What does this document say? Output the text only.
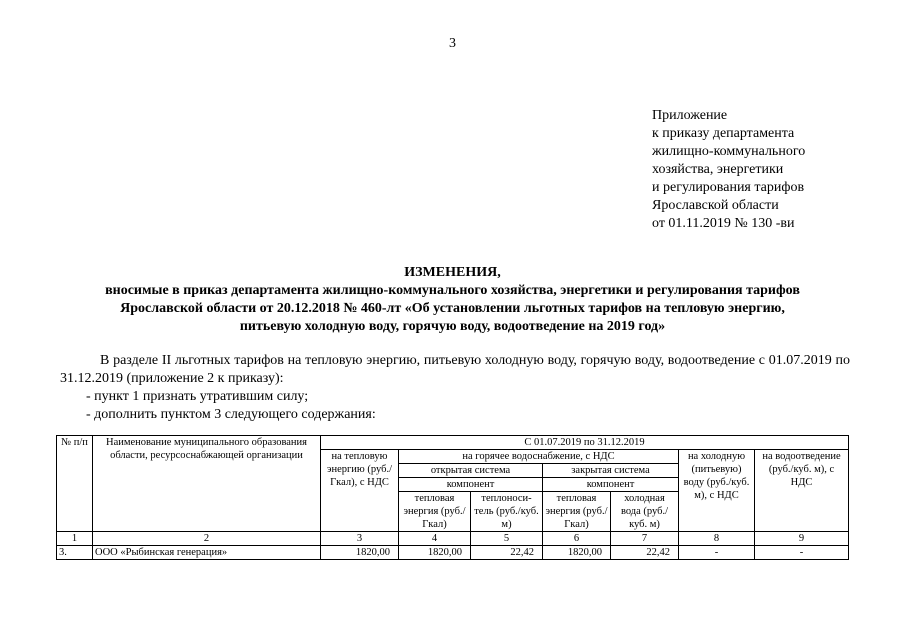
3
Приложение
к приказу департамента
жилищно-коммунального
хозяйства, энергетики
и регулирования тарифов
Ярославской области
от 01.11.2019 № 130 -ви
ИЗМЕНЕНИЯ,
вносимые в приказ департамента жилищно-коммунального хозяйства, энергетики и регулирования тарифов
Ярославской области от 20.12.2018 № 460-лт «Об установлении льготных тарифов на тепловую энергию,
питьевую холодную воду, горячую воду, водоотведение на 2019 год»
В разделе II льготных тарифов на тепловую энергию, питьевую холодную воду, горячую воду, водоотведение с 01.07.2019 по 31.12.2019 (приложение 2 к приказу):
- пункт 1 признать утратившим силу;
- дополнить пунктом 3 следующего содержания:
№ п/п	Наименование муниципального образования области, ресурсоснабжающей организации	С 01.07.2019 по 31.12.2019						
		на тепловую энергию (руб./Гкал), с НДС	на горячее водоснабжение, с НДС				на холодную (питьевую) воду (руб./куб. м), с НДС	на водоотведение (руб./куб. м), с НДС
			открытая система		закрытая система			
			компонент		компонент			
			тепловая энергия (руб./Гкал)	теплоноси-тель (руб./куб. м)	тепловая энергия (руб./Гкал)	холодная вода (руб./куб. м)		
1	2	3	4	5	6	7	8	9
3.	ООО «Рыбинская генерация»	1820,00	1820,00	22,42	1820,00	22,42	-	-
